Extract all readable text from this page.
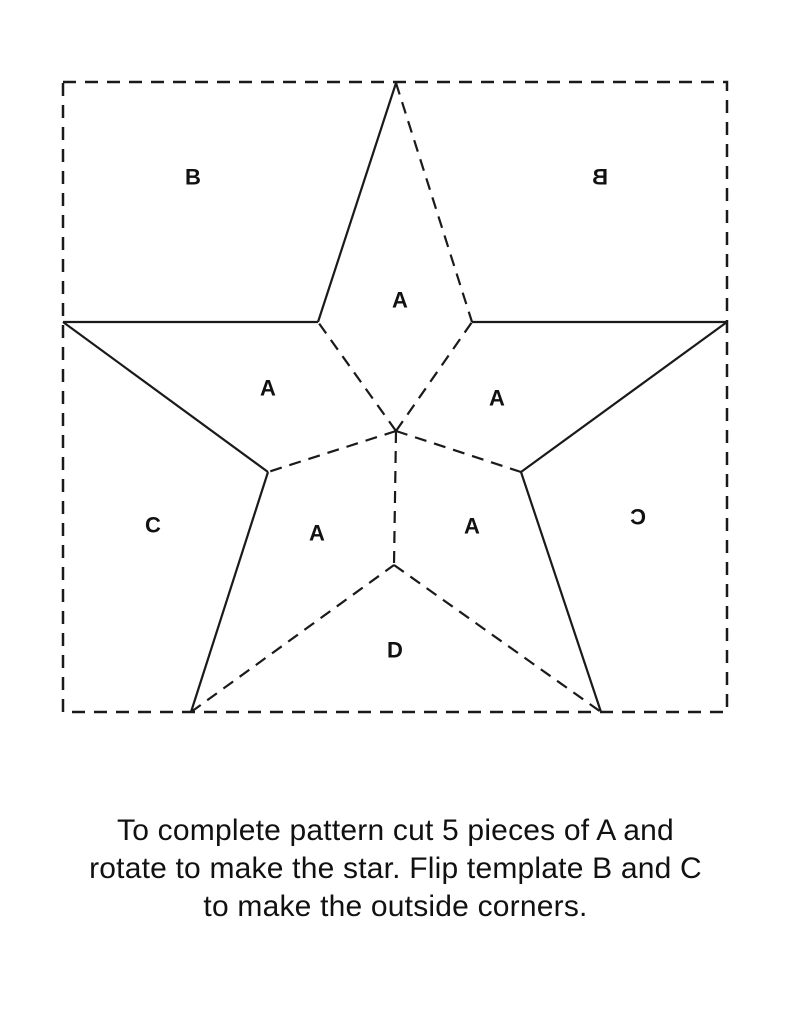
B	B
A
A	A
C	A	A	C
D
To complete pattern cut 5 pieces of A and
rotate to make the star. Flip template B and C
to make the outside corners.
